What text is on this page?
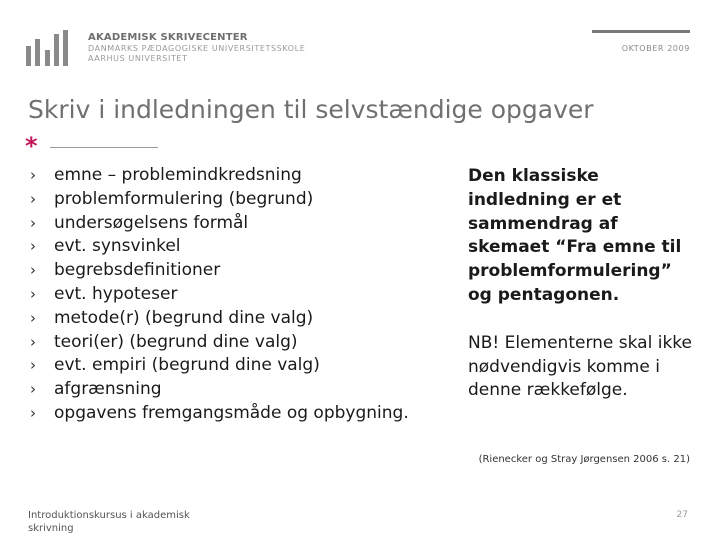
AKADEMISK SKRIVECENTER
DANMARKS PÆDAGOGISKE UNIVERSITETSSKOLE
AARHUS UNIVERSITET
OKTOBER 2009
Skriv i indledningen til selvstændige opgaver
*
›	emne – problemindkredsning
›	problemformulering (begrund)
›	undersøgelsens formål
›	evt. synsvinkel
›	begrebsdefinitioner
›	evt. hypoteser
›	metode(r) (begrund dine valg)
›	teori(er) (begrund dine valg)
›	evt. empiri (begrund dine valg)
›	afgrænsning
›	opgavens fremgangsmåde og opbygning.

Den klassiske indledning er et sammendrag af skemaet “Fra emne til problemformulering” og pentagonen.

NB! Elementerne skal ikke nødvendigvis komme i denne rækkefølge.

(Rienecker og Stray Jørgensen 2006 s. 21)
Introduktionskursus i akademisk skrivning
27
